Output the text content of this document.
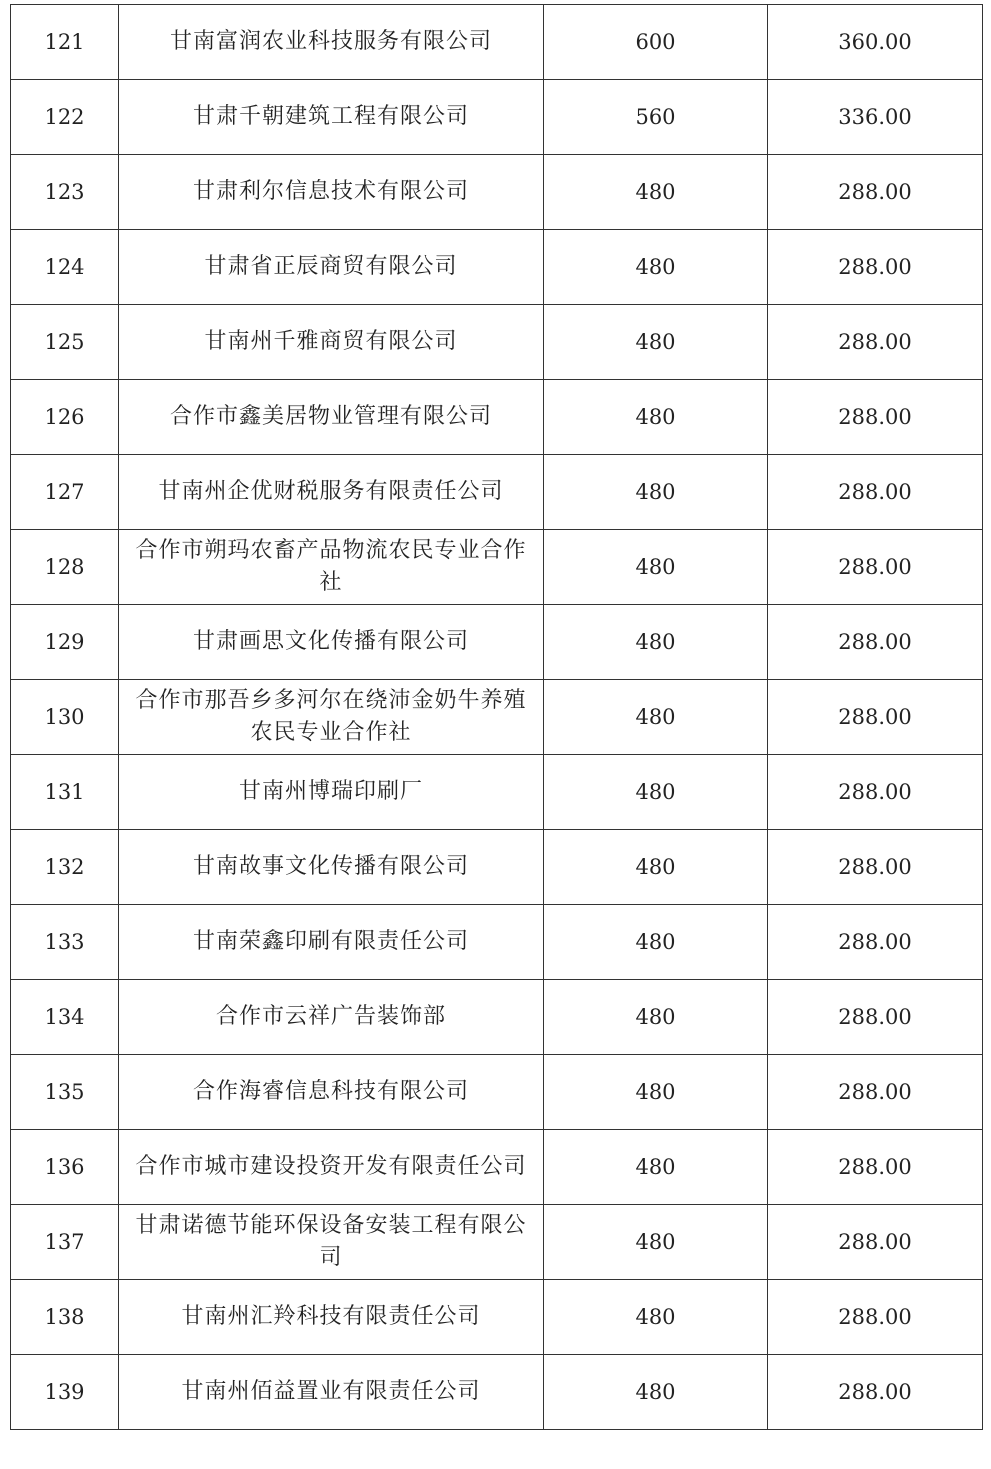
121	甘南富润农业科技服务有限公司	600	360.00
122	甘肃千朝建筑工程有限公司	560	336.00
123	甘肃利尔信息技术有限公司	480	288.00
124	甘肃省正辰商贸有限公司	480	288.00
125	甘南州千雅商贸有限公司	480	288.00
126	合作市鑫美居物业管理有限公司	480	288.00
127	甘南州企优财税服务有限责任公司	480	288.00
128	合作市朔玛农畜产品物流农民专业合作社	480	288.00
129	甘肃画思文化传播有限公司	480	288.00
130	合作市那吾乡多河尔在绕沛金奶牛养殖农民专业合作社	480	288.00
131	甘南州博瑞印刷厂	480	288.00
132	甘南故事文化传播有限公司	480	288.00
133	甘南荣鑫印刷有限责任公司	480	288.00
134	合作市云祥广告装饰部	480	288.00
135	合作海睿信息科技有限公司	480	288.00
136	合作市城市建设投资开发有限责任公司	480	288.00
137	甘肃诺德节能环保设备安装工程有限公司	480	288.00
138	甘南州汇羚科技有限责任公司	480	288.00
139	甘南州佰益置业有限责任公司	480	288.00
